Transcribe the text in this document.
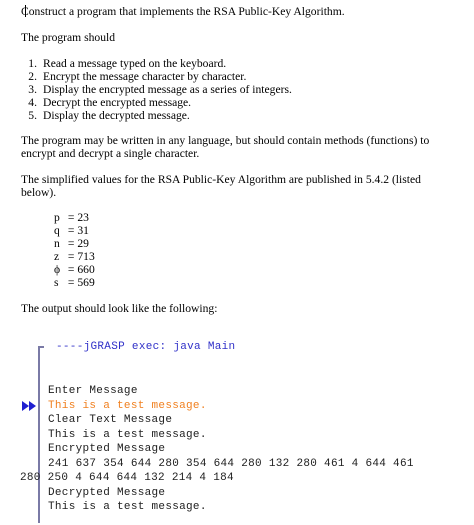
Construct a program that implements the RSA Public-Key Algorithm.
The program should
1. Read a message typed on the keyboard.
2. Encrypt the message character by character.
3. Display the encrypted message as a series of integers.
4. Decrypt the encrypted message.
5. Display the decrypted message.
The program may be written in any language, but should contain methods (functions) to
encrypt and decrypt a single character.
The simplified values for the RSA Public-Key Algorithm are published in 5.4.2 (listed
below).
p = 23
q = 31
n = 29
z = 713
ϕ = 660
s = 569
The output should look like the following:
----jGRASP exec: java Main
Enter Message
This is a test message.
Clear Text Message
This is a test message.
Encrypted Message
241 637 354 644 280 354 644 280 132 280 461 4 644 461
280 250 4 644 644 132 214 4 184
Decrypted Message
This is a test message.
